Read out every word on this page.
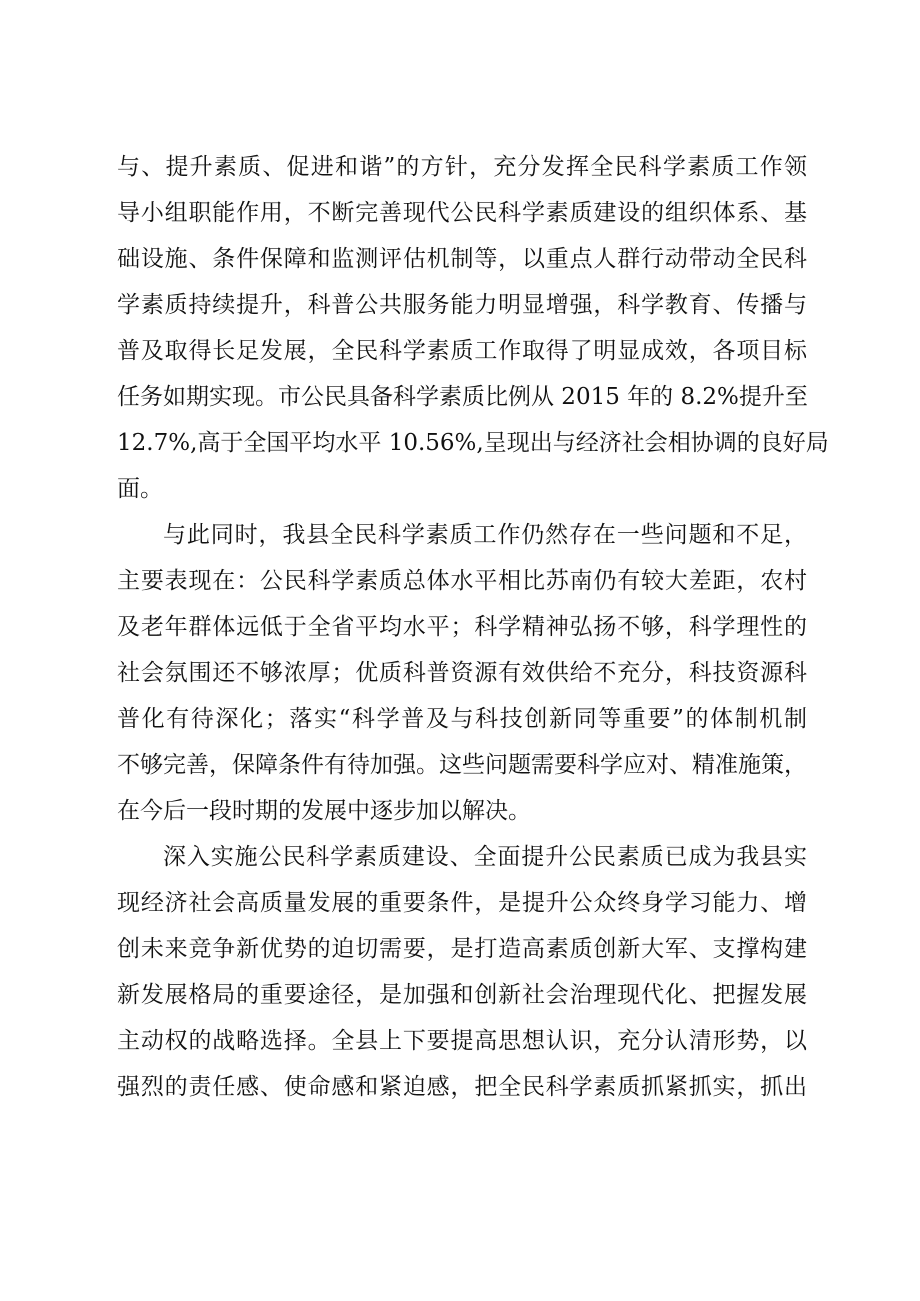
与、提升素质、促进和谐”的方针，充分发挥全民科学素质工作领
导小组职能作用，不断完善现代公民科学素质建设的组织体系、基
础设施、条件保障和监测评估机制等，以重点人群行动带动全民科
学素质持续提升，科普公共服务能力明显增强，科学教育、传播与
普及取得长足发展，全民科学素质工作取得了明显成效，各项目标
任务如期实现。市公民具备科学素质比例从 2015 年的 8.2%提升至
12.7%,高于全国平均水平 10.56%,呈现出与经济社会相协调的良好局
面。
与此同时，我县全民科学素质工作仍然存在一些问题和不足，
主要表现在：公民科学素质总体水平相比苏南仍有较大差距，农村
及老年群体远低于全省平均水平；科学精神弘扬不够，科学理性的
社会氛围还不够浓厚；优质科普资源有效供给不充分，科技资源科
普化有待深化；落实“科学普及与科技创新同等重要”的体制机制
不够完善，保障条件有待加强。这些问题需要科学应对、精准施策，
在今后一段时期的发展中逐步加以解决。
深入实施公民科学素质建设、全面提升公民素质已成为我县实
现经济社会高质量发展的重要条件，是提升公众终身学习能力、增
创未来竞争新优势的迫切需要，是打造高素质创新大军、支撑构建
新发展格局的重要途径，是加强和创新社会治理现代化、把握发展
主动权的战略选择。全县上下要提高思想认识，充分认清形势，以
强烈的责任感、使命感和紧迫感，把全民科学素质抓紧抓实，抓出
